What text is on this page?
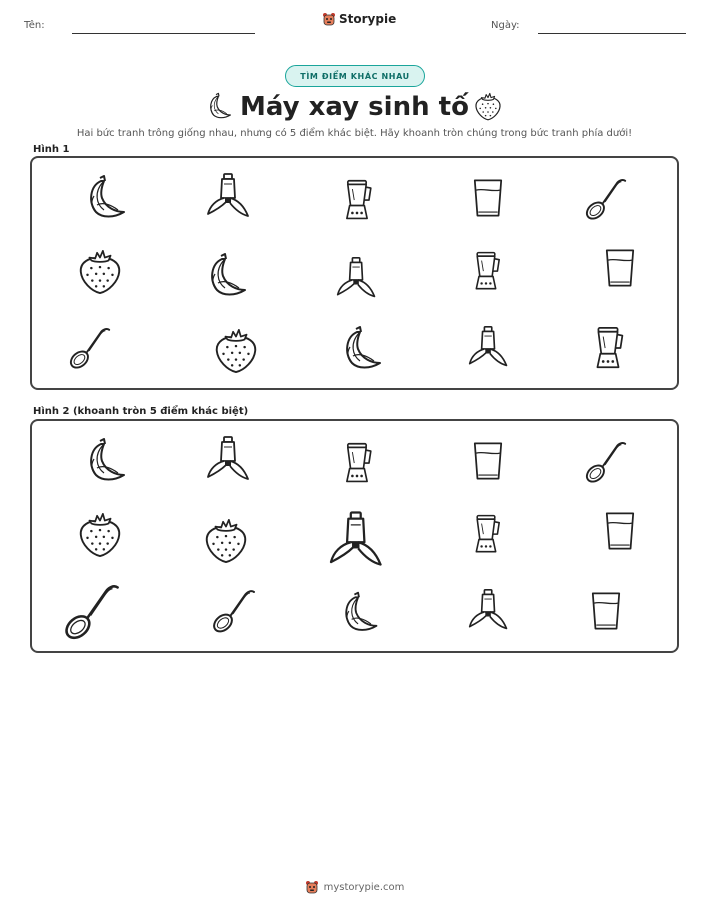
Tên:	Storypie	Ngày:
TÌM ĐIỂM KHÁC NHAU
Máy xay sinh tố
Hai bức tranh trông giống nhau, nhưng có 5 điểm khác biệt. Hãy khoanh tròn chúng trong bức tranh phía dưới!
Hình 1
Hình 2 (khoanh tròn 5 điểm khác biệt)
mystorypie.com
